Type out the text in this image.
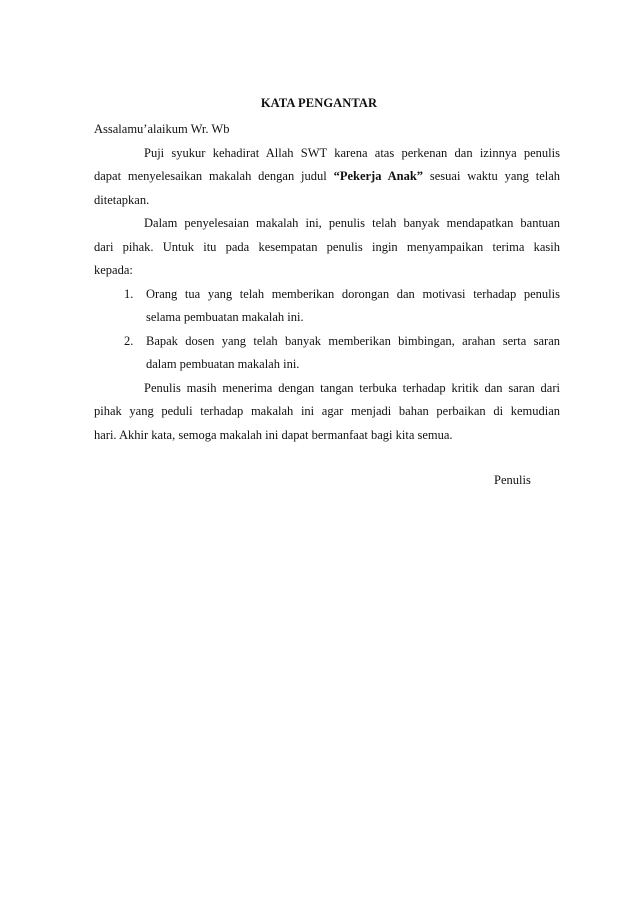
KATA PENGANTAR
Assalamu’alaikum Wr. Wb
Puji syukur kehadirat Allah SWT karena atas perkenan dan izinnya penulis
dapat menyelesaikan makalah dengan judul “Pekerja Anak” sesuai waktu yang telah
ditetapkan.
Dalam penyelesaian makalah ini, penulis telah banyak mendapatkan bantuan
dari pihak. Untuk itu pada kesempatan penulis ingin menyampaikan terima kasih
kepada:
1. Orang tua yang telah memberikan dorongan dan motivasi terhadap penulis
selama pembuatan makalah ini.
2. Bapak dosen yang telah banyak memberikan bimbingan, arahan serta saran
dalam pembuatan makalah ini.
Penulis masih menerima dengan tangan terbuka terhadap kritik dan saran dari
pihak yang peduli terhadap makalah ini agar menjadi bahan perbaikan di kemudian
hari. Akhir kata, semoga makalah ini dapat bermanfaat bagi kita semua.
Penulis
